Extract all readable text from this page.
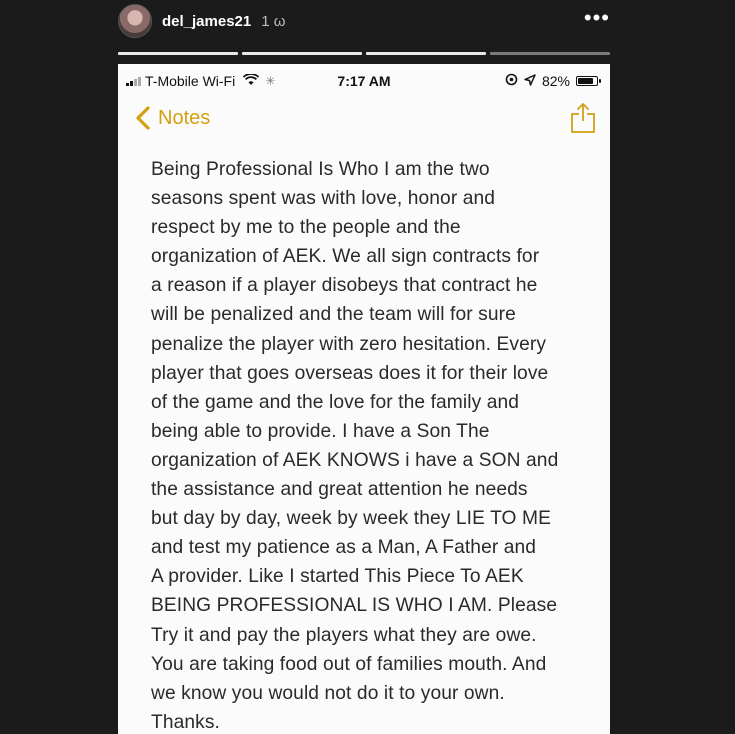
del_james21 1 ω	•••
T-Mobile Wi-Fi	✳	7:17 AM	82%
Notes
Being Professional Is Who I am the two
seasons spent was with love, honor and
respect by me to the people and the
organization of AEK. We all sign contracts for
a reason if a player disobeys that contract he
will be penalized and the team will for sure
penalize the player with zero hesitation. Every
player that goes overseas does it for their love
of the game and the love for the family and
being able to provide. I have a Son The
organization of AEK KNOWS i have a SON and
the assistance and great attention he needs
but day by day, week by week they LIE TO ME
and test my patience as a Man, A Father and
A provider. Like I started This Piece To AEK
BEING PROFESSIONAL IS WHO I AM. Please
Try it and pay the players what they are owe.
You are taking food out of families mouth. And
we know you would not do it to your own.
Thanks.
